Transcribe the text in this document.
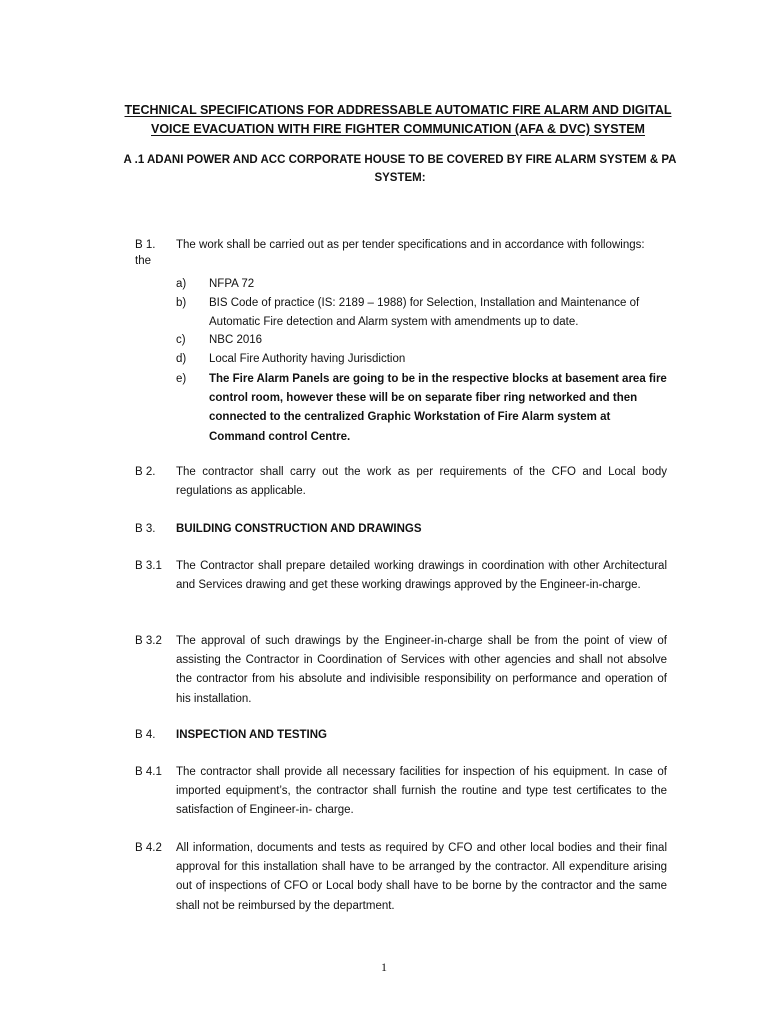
TECHNICAL SPECIFICATIONS FOR ADDRESSABLE AUTOMATIC FIRE ALARM AND DIGITAL
VOICE EVACUATION WITH FIRE FIGHTER COMMUNICATION (AFA & DVC) SYSTEM
A .1 ADANI POWER AND ACC CORPORATE HOUSE TO BE COVERED BY FIRE ALARM SYSTEM & PA
SYSTEM:
B 1.
the
The work shall be carried out as per tender specifications and in accordance with followings:
a) NFPA 72
b) BIS Code of practice (IS: 2189 – 1988) for Selection, Installation and Maintenance of Automatic Fire detection and Alarm system with amendments up to date.
c) NBC 2016
d) Local Fire Authority having Jurisdiction
e) The Fire Alarm Panels are going to be in the respective blocks at basement area fire control room, however these will be on separate fiber ring networked and then connected to the centralized Graphic Workstation of Fire Alarm system at Command control Centre.
B 2. The contractor shall carry out the work as per requirements of the CFO and Local body regulations as applicable.
B 3. BUILDING CONSTRUCTION AND DRAWINGS
B 3.1 The Contractor shall prepare detailed working drawings in coordination with other Architectural and Services drawing and get these working drawings approved by the Engineer-in-charge.
B 3.2 The approval of such drawings by the Engineer-in-charge shall be from the point of view of assisting the Contractor in Coordination of Services with other agencies and shall not absolve the contractor from his absolute and indivisible responsibility on performance and operation of his installation.
B 4. INSPECTION AND TESTING
B 4.1 The contractor shall provide all necessary facilities for inspection of his equipment. In case of imported equipment’s, the contractor shall furnish the routine and type test certificates to the satisfaction of Engineer-in- charge.
B 4.2 All information, documents and tests as required by CFO and other local bodies and their final approval for this installation shall have to be arranged by the contractor. All expenditure arising out of inspections of CFO or Local body shall have to be borne by the contractor and the same shall not be reimbursed by the department.
1
